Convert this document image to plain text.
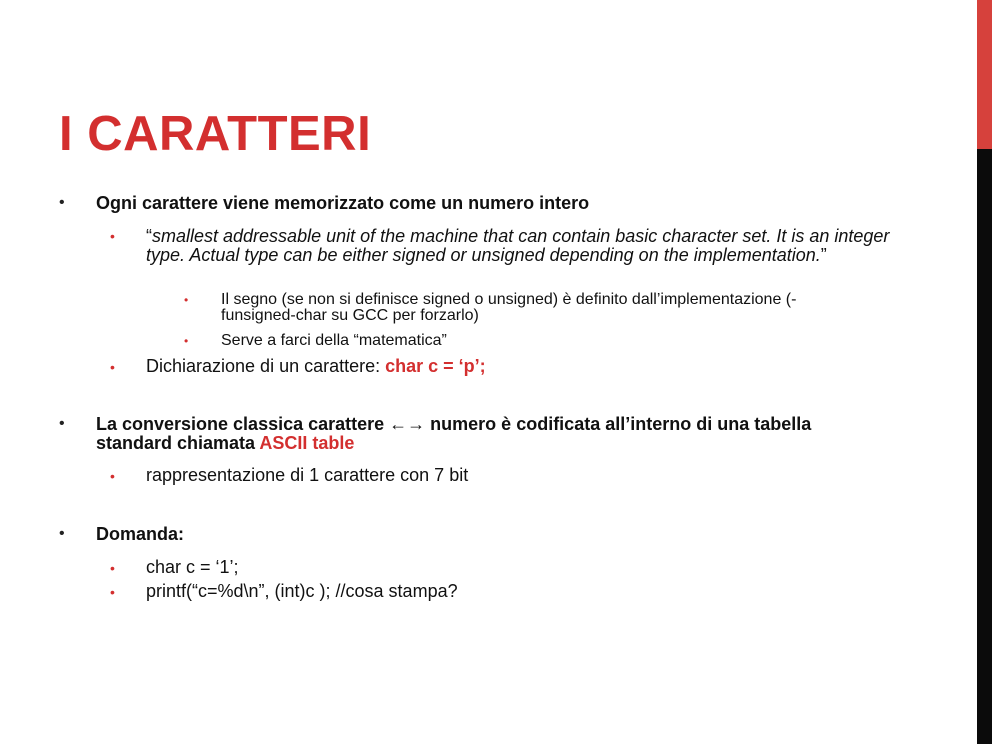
I CARATTERI
• Ogni carattere viene memorizzato come un numero intero
• “smallest addressable unit of the machine that can contain basic character set. It is an integer type. Actual type can be either signed or unsigned depending on the implementation.”
• Il segno (se non si definisce signed o unsigned) è definito dall’implementazione (-funsigned-char su GCC per forzarlo)
• Serve a farci della “matematica”
• Dichiarazione di un carattere: char c = ‘p’;
• La conversione classica carattere ←→ numero è codificata all’interno di una tabella standard chiamata ASCII table
• rappresentazione di 1 carattere con 7 bit
• Domanda:
• char c = ‘1’;
• printf(“c=%d\n”, (int)c ); //cosa stampa?
